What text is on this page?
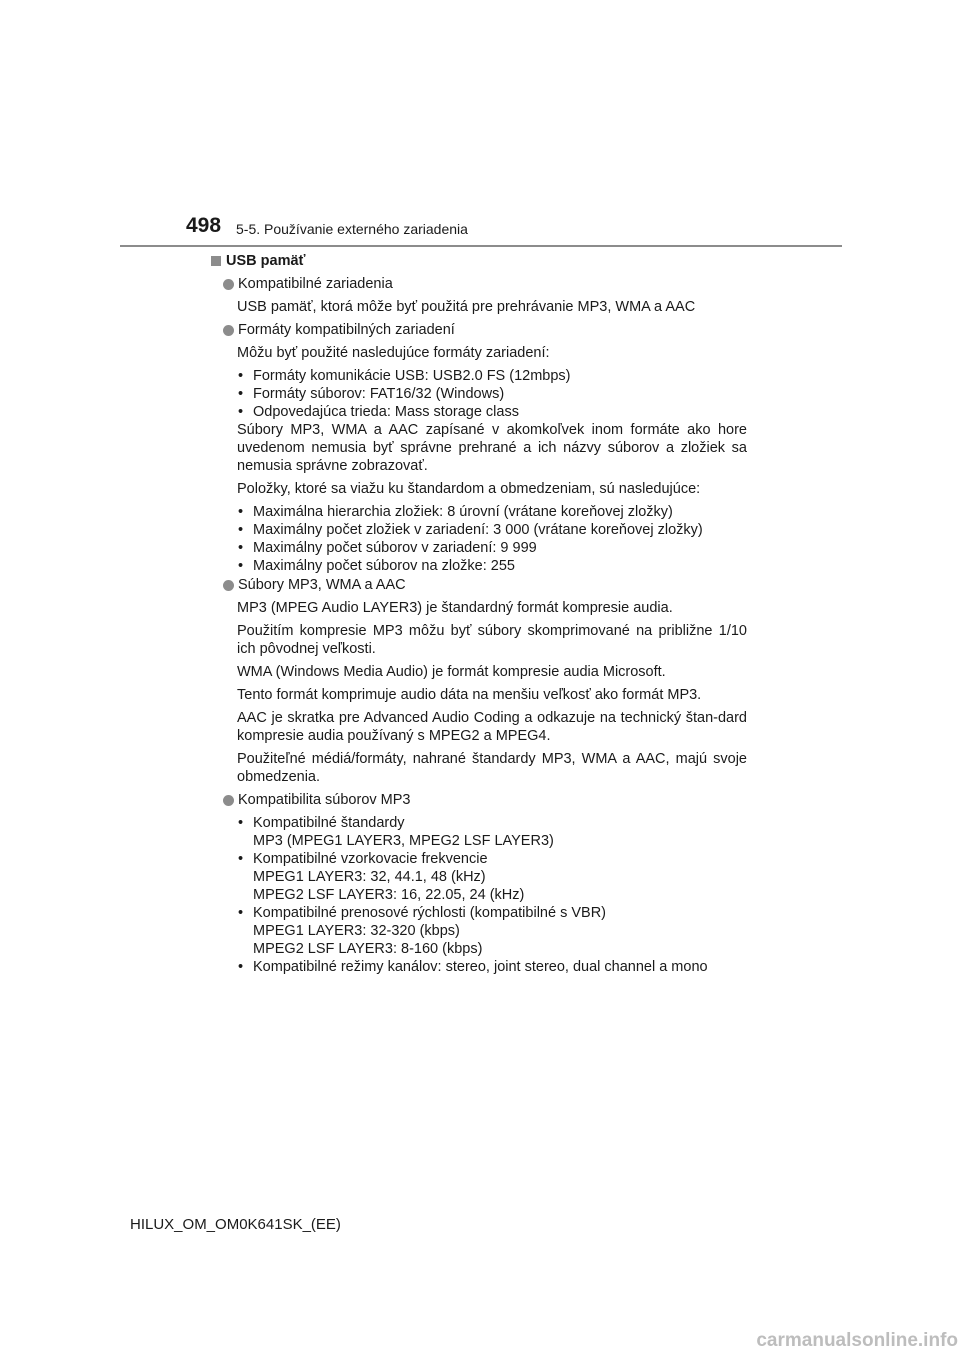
498 5-5. Používanie externého zariadenia
USB pamäť
Kompatibilné zariadenia
USB pamäť, ktorá môže byť použitá pre prehrávanie MP3, WMA a AAC
Formáty kompatibilných zariadení
Môžu byť použité nasledujúce formáty zariadení:
• Formáty komunikácie USB: USB2.0 FS (12mbps)
• Formáty súborov: FAT16/32 (Windows)
• Odpovedajúca trieda: Mass storage class
Súbory MP3, WMA a AAC zapísané v akomkoľvek inom formáte ako hore uvedenom nemusia byť správne prehrané a ich názvy súborov a zložiek sa nemusia správne zobrazovať.
Položky, ktoré sa viažu ku štandardom a obmedzeniam, sú nasledujúce:
• Maximálna hierarchia zložiek: 8 úrovní (vrátane koreňovej zložky)
• Maximálny počet zložiek v zariadení: 3 000 (vrátane koreňovej zložky)
• Maximálny počet súborov v zariadení: 9 999
• Maximálny počet súborov na zložke: 255
Súbory MP3, WMA a AAC
MP3 (MPEG Audio LAYER3) je štandardný formát kompresie audia.
Použitím kompresie MP3 môžu byť súbory skomprimované na približne 1/10 ich pôvodnej veľkosti.
WMA (Windows Media Audio) je formát kompresie audia Microsoft.
Tento formát komprimuje audio dáta na menšiu veľkosť ako formát MP3.
AAC je skratka pre Advanced Audio Coding a odkazuje na technický štan-dard kompresie audia používaný s MPEG2 a MPEG4.
Použiteľné médiá/formáty, nahrané štandardy MP3, WMA a AAC, majú svoje obmedzenia.
Kompatibilita súborov MP3
• Kompatibilné štandardy
MP3 (MPEG1 LAYER3, MPEG2 LSF LAYER3)
• Kompatibilné vzorkovacie frekvencie
MPEG1 LAYER3: 32, 44.1, 48 (kHz)
MPEG2 LSF LAYER3: 16, 22.05, 24 (kHz)
• Kompatibilné prenosové rýchlosti (kompatibilné s VBR)
MPEG1 LAYER3: 32-320 (kbps)
MPEG2 LSF LAYER3: 8-160 (kbps)
• Kompatibilné režimy kanálov: stereo, joint stereo, dual channel a mono
HILUX_OM_OM0K641SK_(EE)
carmanualsonline.info
